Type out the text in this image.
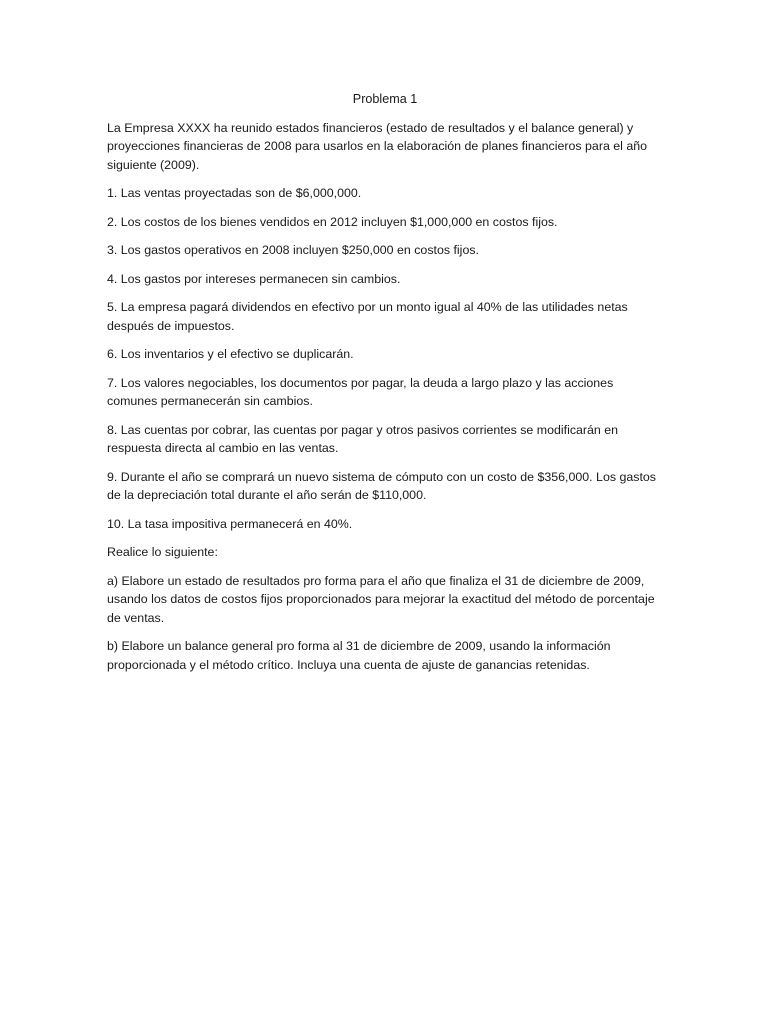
Problema 1

La Empresa XXXX ha reunido estados financieros (estado de resultados y el balance general) y proyecciones financieras de 2008 para usarlos en la elaboración de planes financieros para el año siguiente (2009).

1. Las ventas proyectadas son de $6,000,000.

2. Los costos de los bienes vendidos en 2012 incluyen $1,000,000 en costos fijos.

3. Los gastos operativos en 2008 incluyen $250,000 en costos fijos.

4. Los gastos por intereses permanecen sin cambios.

5. La empresa pagará dividendos en efectivo por un monto igual al 40% de las utilidades netas después de impuestos.

6. Los inventarios y el efectivo se duplicarán.

7. Los valores negociables, los documentos por pagar, la deuda a largo plazo y las acciones comunes permanecerán sin cambios.

8. Las cuentas por cobrar, las cuentas por pagar y otros pasivos corrientes se modificarán en respuesta directa al cambio en las ventas.

9. Durante el año se comprará un nuevo sistema de cómputo con un costo de $356,000. Los gastos de la depreciación total durante el año serán de $110,000.

10. La tasa impositiva permanecerá en 40%.

Realice lo siguiente:

a) Elabore un estado de resultados pro forma para el año que finaliza el 31 de diciembre de 2009, usando los datos de costos fijos proporcionados para mejorar la exactitud del método de porcentaje de ventas.

b) Elabore un balance general pro forma al 31 de diciembre de 2009, usando la información proporcionada y el método crítico. Incluya una cuenta de ajuste de ganancias retenidas.
